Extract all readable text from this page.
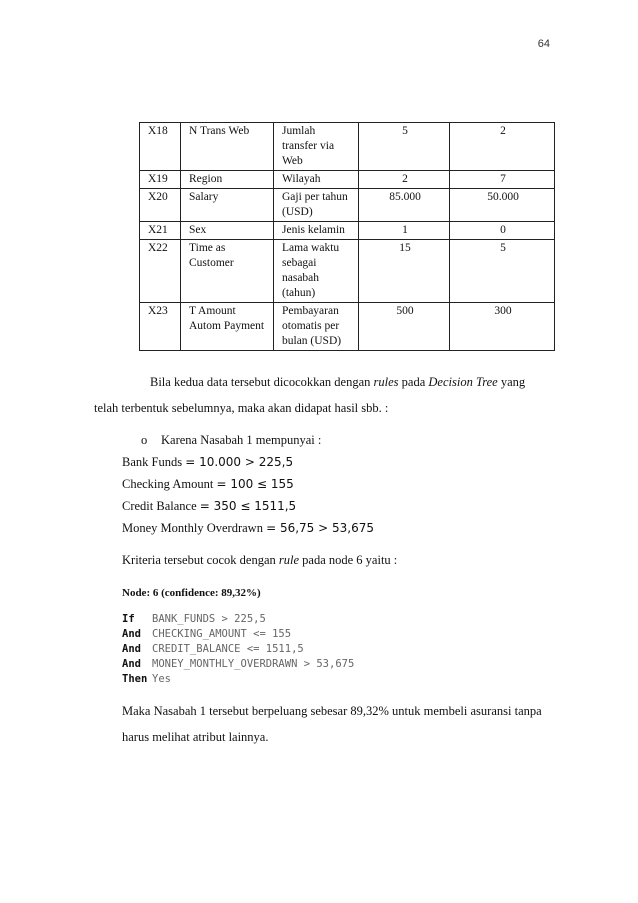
64
X18	N Trans Web	Jumlah transfer via Web	5	2
X19	Region	Wilayah	2	7
X20	Salary	Gaji per tahun (USD)	85.000	50.000
X21	Sex	Jenis kelamin	1	0
X22	Time as Customer	Lama waktu sebagai nasabah (tahun)	15	5
X23	T Amount Autom Payment	Pembayaran otomatis per bulan (USD)	500	300

Bila kedua data tersebut dicocokkan dengan rules pada Decision Tree yang
telah terbentuk sebelumnya, maka akan didapat hasil sbb. :

o Karena Nasabah 1 mempunyai :
Bank Funds = 10.000 > 225,5
Checking Amount = 100 ≤ 155
Credit Balance = 350 ≤ 1511,5
Money Monthly Overdrawn = 56,75 > 53,675
Kriteria tersebut cocok dengan rule pada node 6 yaitu :
Node: 6 (confidence: 89,32%)
If BANK_FUNDS > 225,5
And CHECKING_AMOUNT <= 155
And CREDIT_BALANCE <= 1511,5
And MONEY_MONTHLY_OVERDRAWN > 53,675
Then Yes

Maka Nasabah 1 tersebut berpeluang sebesar 89,32% untuk membeli asuransi tanpa
harus melihat atribut lainnya.
